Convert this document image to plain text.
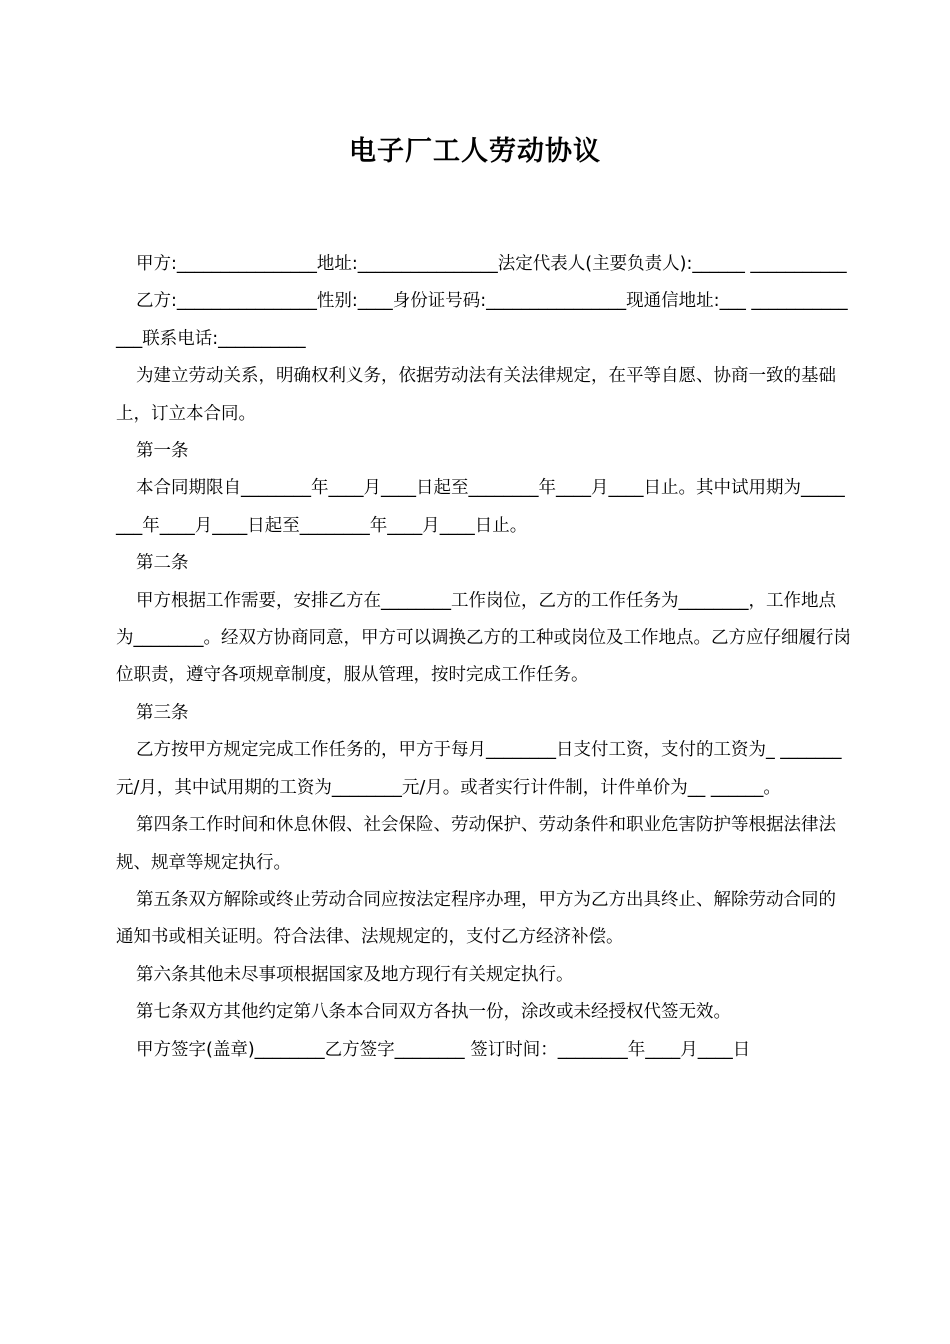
电子厂工人劳动协议

甲方:________________地址:________________法定代表人(主要负责人):______ ___________

乙方:________________性别:____身份证号码:________________现通信地址:___ ______________联系电话:__________

为建立劳动关系，明确权利义务，依据劳动法有关法律规定，在平等自愿、协商一致的基础上，订立本合同。

第一条

本合同期限自________年____月____日起至________年____月____日止。其中试用期为________年____月____日起至________年____月____日止。

第二条

甲方根据工作需要，安排乙方在________工作岗位，乙方的工作任务为________，工作地点为________。经双方协商同意，甲方可以调换乙方的工种或岗位及工作地点。乙方应仔细履行岗位职责，遵守各项规章制度，服从管理，按时完成工作任务。

第三条

乙方按甲方规定完成工作任务的，甲方于每月________日支付工资，支付的工资为_ _______元/月，其中试用期的工资为________元/月。或者实行计件制，计件单价为__ ______。

第四条工作时间和休息休假、社会保险、劳动保护、劳动条件和职业危害防护等根据法律法规、规章等规定执行。

第五条双方解除或终止劳动合同应按法定程序办理，甲方为乙方出具终止、解除劳动合同的通知书或相关证明。符合法律、法规规定的，支付乙方经济补偿。

第六条其他未尽事项根据国家及地方现行有关规定执行。

第七条双方其他约定第八条本合同双方各执一份，涂改或未经授权代签无效。

甲方签字(盖章)________乙方签字________ 签订时间：________年____月____日
